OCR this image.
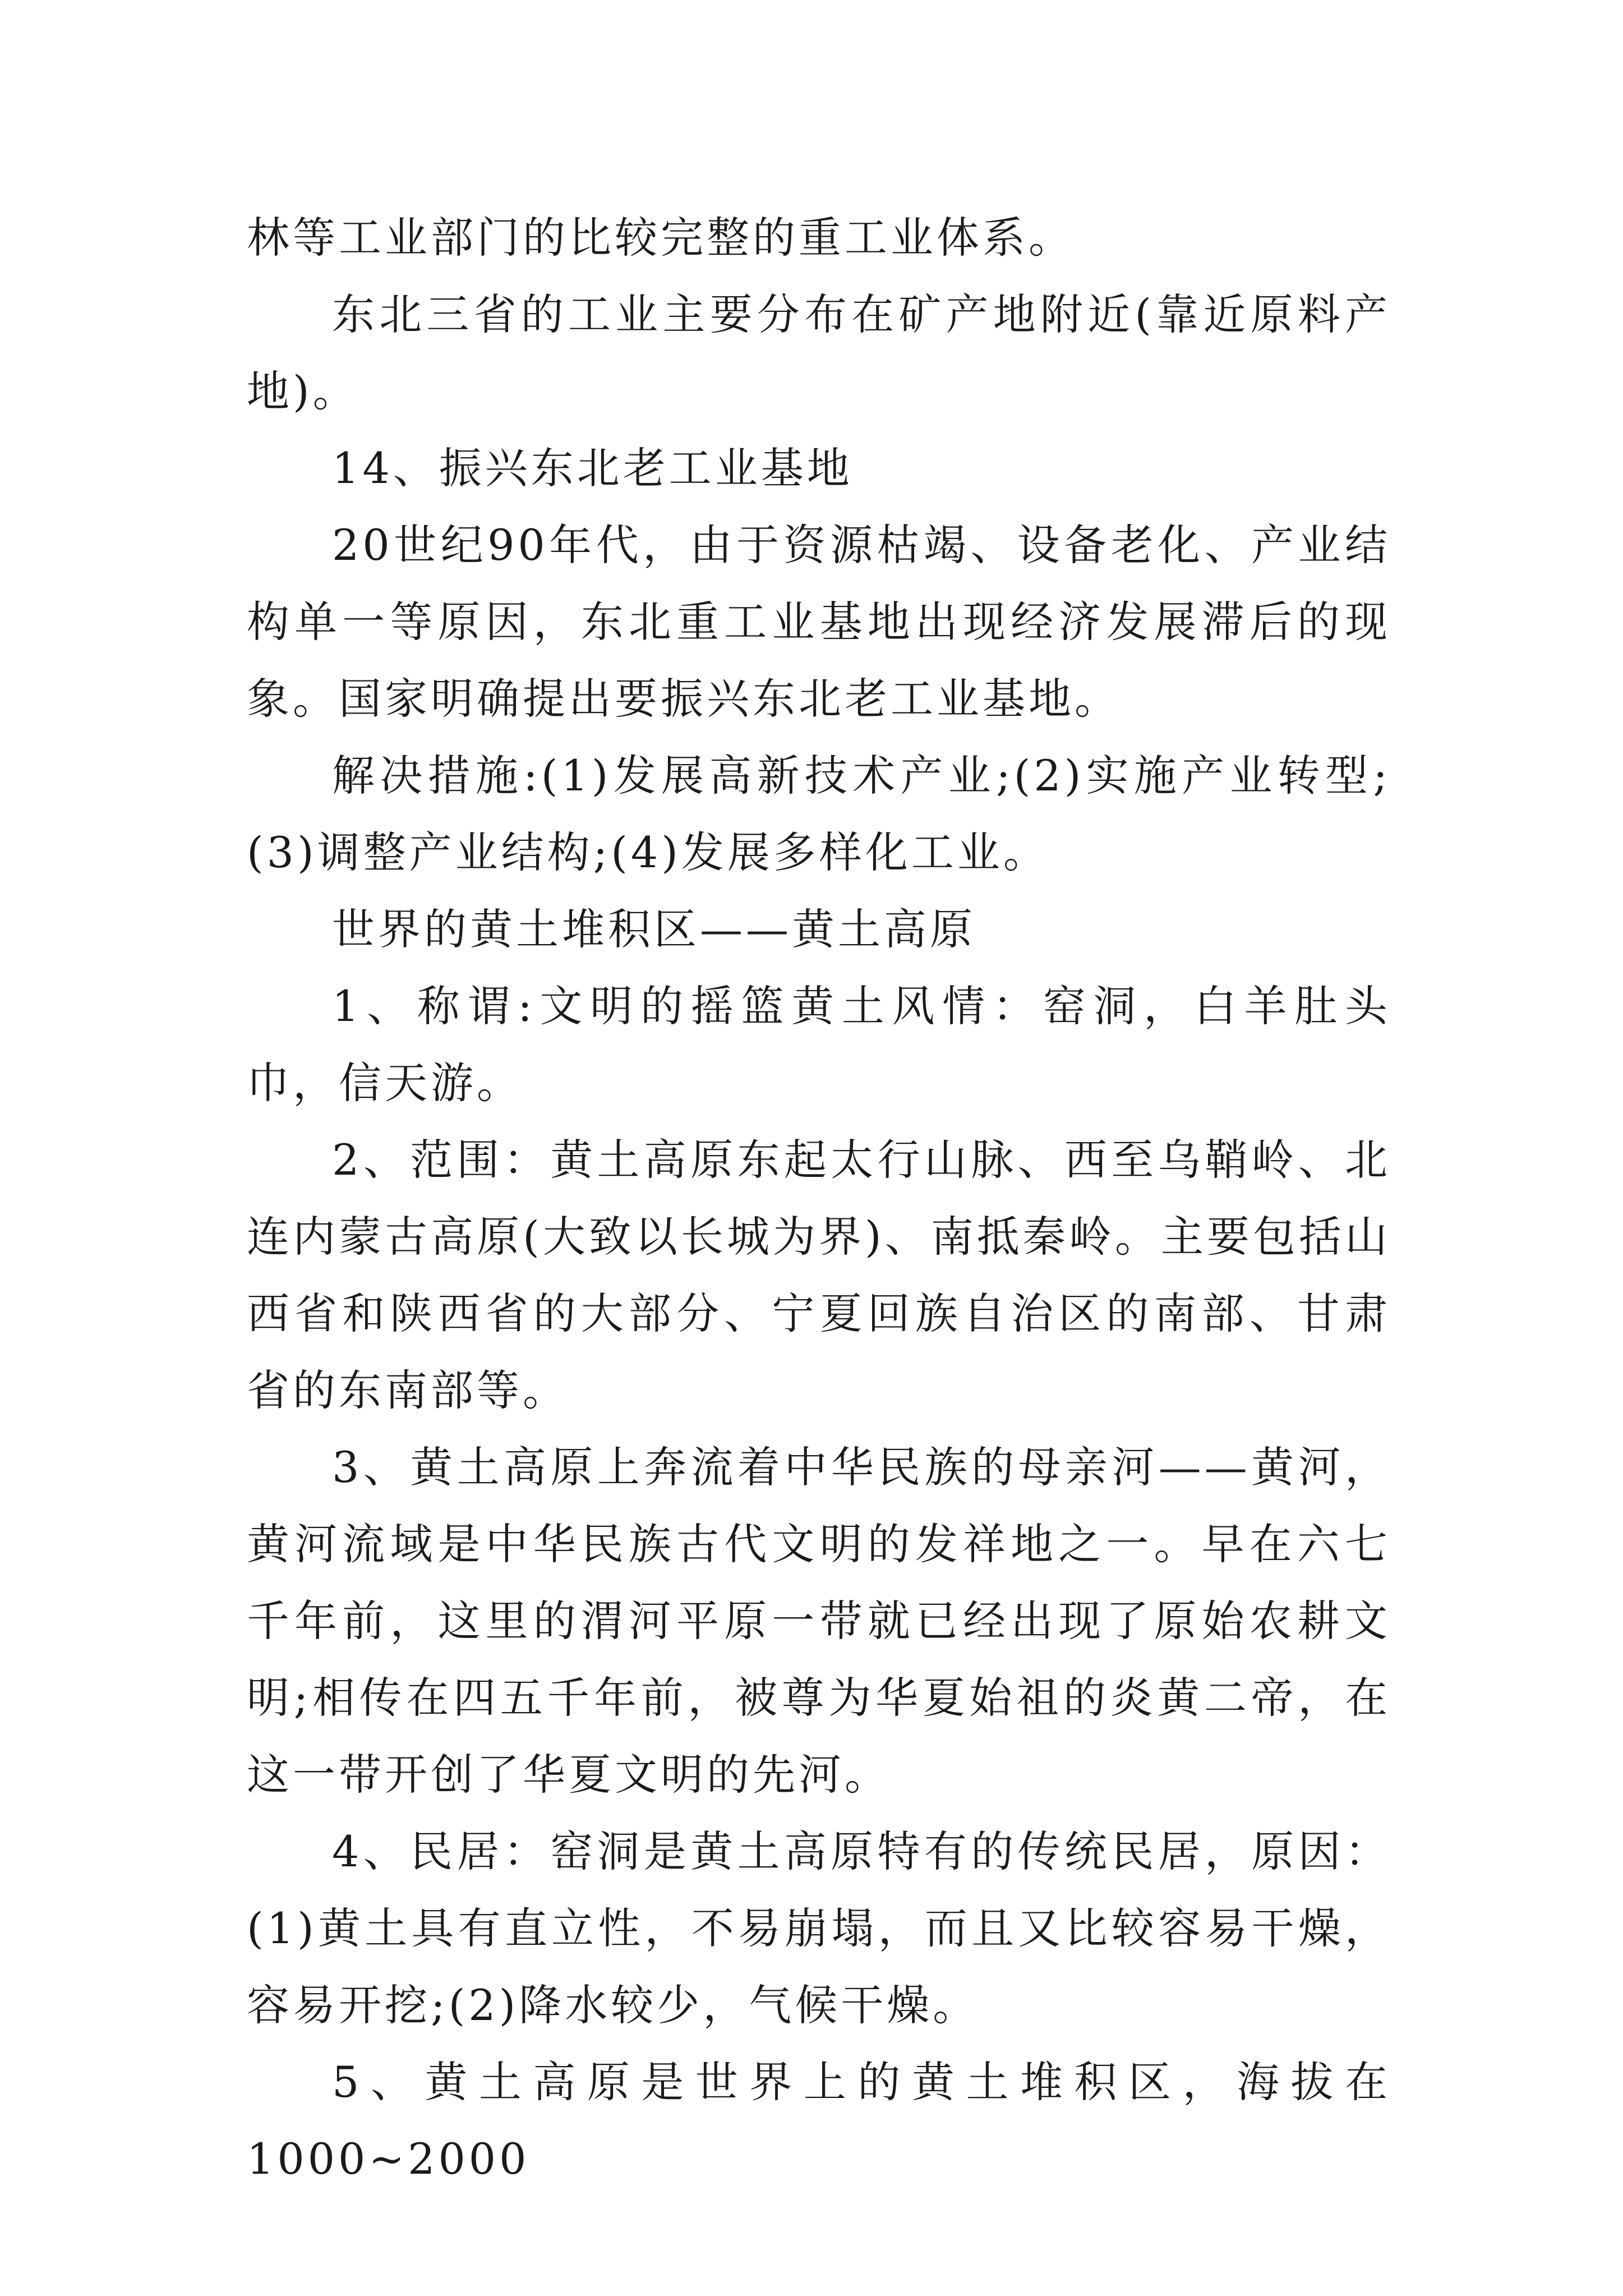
林等工业部门的比较完整的重工业体系。

东北三省的工业主要分布在矿产地附近(靠近原料产地)。

14、振兴东北老工业基地

20世纪90年代，由于资源枯竭、设备老化、产业结构单一等原因，东北重工业基地出现经济发展滞后的现象。国家明确提出要振兴东北老工业基地。

解决措施:(1)发展高新技术产业;(2)实施产业转型;(3)调整产业结构;(4)发展多样化工业。

世界的黄土堆积区——黄土高原

1、称谓:文明的摇篮黄土风情：窑洞，白羊肚头巾，信天游。

2、范围：黄土高原东起太行山脉、西至乌鞘岭、北连内蒙古高原(大致以长城为界)、南抵秦岭。主要包括山西省和陕西省的大部分、宁夏回族自治区的南部、甘肃省的东南部等。

3、黄土高原上奔流着中华民族的母亲河——黄河，黄河流域是中华民族古代文明的发祥地之一。早在六七千年前，这里的渭河平原一带就已经出现了原始农耕文明;相传在四五千年前，被尊为华夏始祖的炎黄二帝，在这一带开创了华夏文明的先河。

4、民居：窑洞是黄土高原特有的传统民居，原因：(1)黄土具有直立性，不易崩塌，而且又比较容易干燥，容易开挖;(2)降水较少，气候干燥。

5、黄土高原是世界上的黄土堆积区，海拔在1000~2000
